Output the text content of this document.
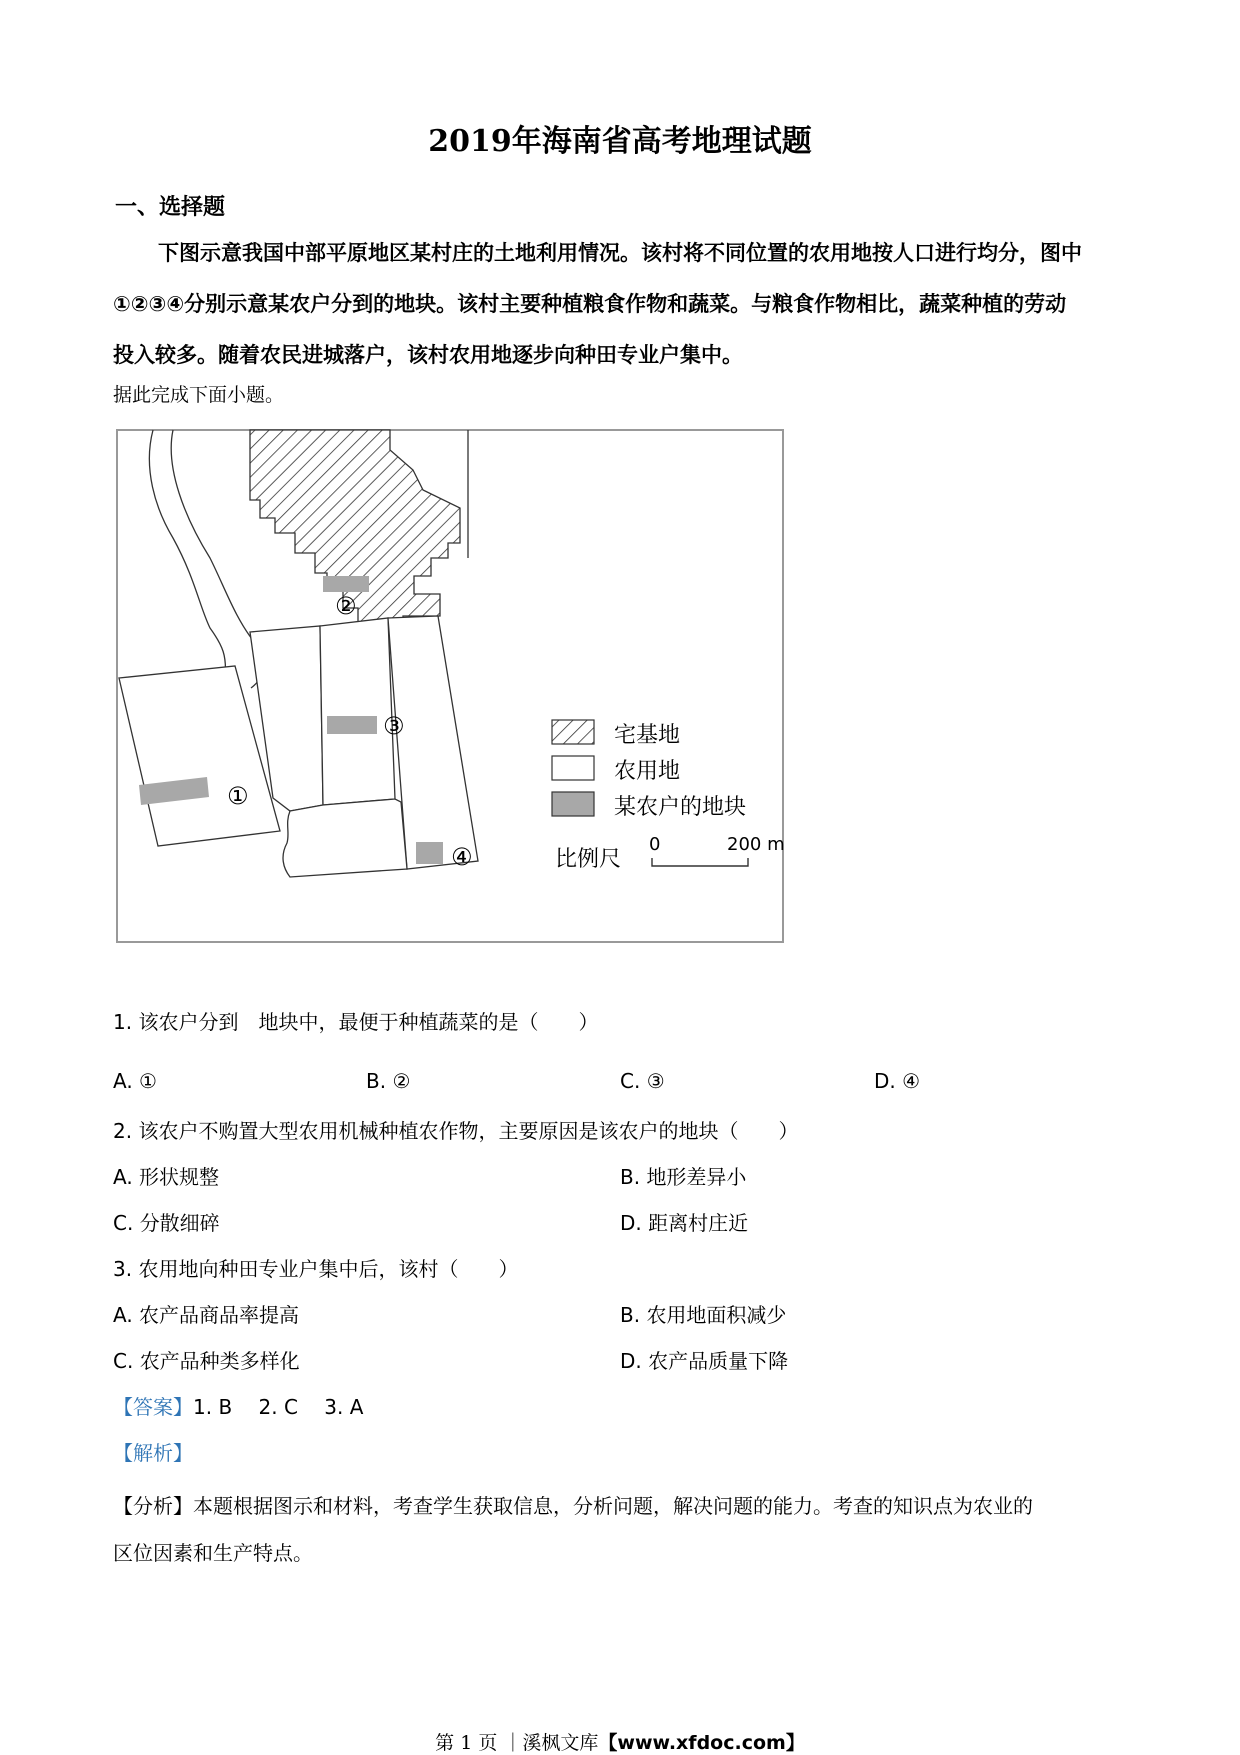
2019年海南省高考地理试题
一、选择题

下图示意我国中部平原地区某村庄的土地利用情况。该村将不同位置的农用地按人口进行均分，图中

①②③④分别示意某农户分到的地块。该村主要种植粮食作物和蔬菜。与粮食作物相比，蔬菜种植的劳动

投入较多。随着农民进城落户，该村农用地逐步向种田专业户集中。

据此完成下面小题。
①
②
③
④
宅基地
农用地
某农户的地块
比例尺
0	200 m
1. 该农户分到　地块中，最便于种植蔬菜的是（　　）
A. ①	B. ②	C. ③	D. ④
2. 该农户不购置大型农用机械种植农作物，主要原因是该农户的地块（　　）
A. 形状规整	B. 地形差异小
C. 分散细碎	D. 距离村庄近
3. 农用地向种田专业户集中后，该村（　　）
A. 农产品商品率提高	B. 农用地面积减少
C. 农产品种类多样化	D. 农产品质量下降
【答案】1. B　 2. C　 3. A
【解析】
【分析】本题根据图示和材料，考查学生获取信息，分析问题，解决问题的能力。考查的知识点为农业的
区位因素和生产特点。
第 1 页 ｜溪枫文库【www.xfdoc.com】
